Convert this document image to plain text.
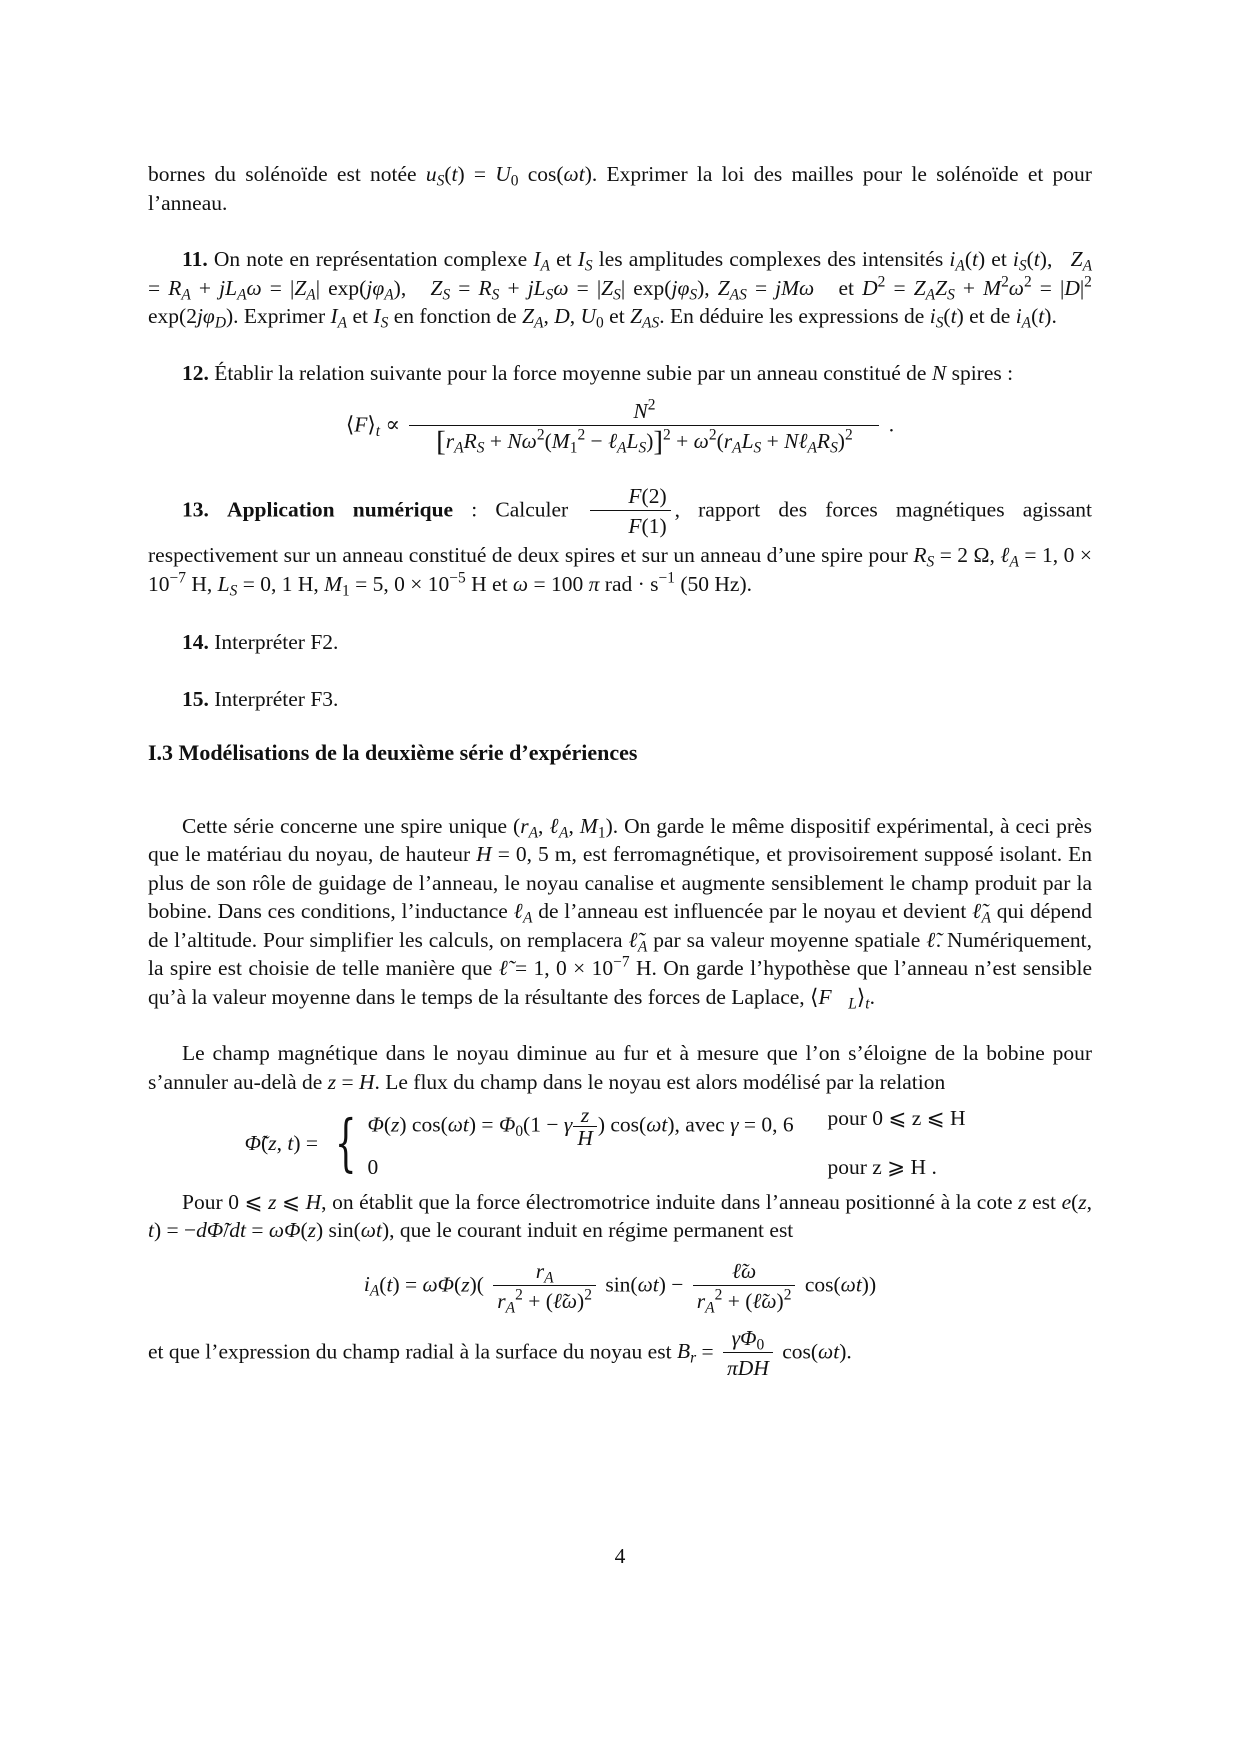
bornes du solénoïde est notée $u_S(t) = U_0$ cos(ωt). Exprimer la loi des mailles pour le solénoïde et pour l’anneau.

11. On note en représentation complexe $I_A$ et $I_S$ les amplitudes complexes des intensités $i_A(t)$ et $i_S(t)$,   $Z_A = R_A + jL_A\omega = |Z_A|$ $\exp(j\varphi_A)$,   $Z_S = R_S + jL_S\omega = |Z_S|$ $\exp(j\varphi_S)$, $Z_{AS} = jM\omega$   et $D^2 = Z_AZ_S + M^2\omega^2 = |D|^2$ $\exp(2j\varphi_D)$. Exprimer $I_A$ et $I_S$ en fonction de $Z_A$, D, $U_0$ et $Z_{AS}$. En déduire les expressions de $i_S(t)$ et de $i_A(t)$.

12. Établir la relation suivante pour la force moyenne subie par un anneau constitué de N spires :

$⟨F⟩_t \propto \frac{N^2}{[r_AR_S + N\omega^2(M_1^2 - \ell_AL_S)]^2 + \omega^2(r_AL_S + N\ell_AR_S)^2}$ .

13. Application numérique : Calculer $\frac{F(2)}{F(1)}$ , rapport des forces magnétiques agissant respectivement sur un anneau constitué de deux spires et sur un anneau d’une spire pour $R_S = 2$ Ω, ℓ$_A$ = 1, $0 \times 10^{-7}$ H, $L_S = 0$, 1 H, $M_1 = 5$, $0 \times 10^{-5}$ H et ω = 100 π rad · $s^{-1}$ (50 Hz).

14. Interpréter F2.

15. Interpréter F3.

I.3 Modélisations de la deuxième série d’expériences

Cette série concerne une spire unique ($r_A$, ℓ$_A$, $M_1$). On garde le même dispositif expérimental, à ceci près que le matériau du noyau, de hauteur H = 0, 5 m, est ferromagnétique, et provisoirement supposé isolant. En plus de son rôle de guidage de l’anneau, le noyau canalise et augmente sensiblement le champ produit par la bobine. Dans ces conditions, l’inductance ℓ$_A$ de l’anneau est influencée par le noyau et devient $\ell̃_A$ qui dépend de l’altitude. Pour simplifier les calculs, on remplacera $\ell̃_A$ par sa valeur moyenne spatiale ℓ̃. Numériquement, la spire est choisie de telle manière que ℓ̃ = 1, $0 \times 10^{-7}$ H. On garde l’hypothèse que l’anneau n’est sensible qu’à la valeur moyenne dans le temps de la résultante des forces de Laplace, $⟨F⃗_L⟩_t$.

Le champ magnétique dans le noyau diminue au fur et à mesure que l’on s’éloigne de la bobine pour s’annuler au-delà de z = H. Le flux du champ dans le noyau est alors modélisé par la relation

Φ̃(z, t) = { Φ(z) $\cos(\omega t) = \Phi_0(1 - \gamma \frac{z}{H}$ ) cos(ωt), avec γ = 0, 6	pour 0 ⩽ z ⩽ H
0	pour z ⩾ H .

Pour 0 ⩽ z ⩽ H, on établit que la force électromotrice induite dans l’anneau positionné à la cote z est e(z, t) = −dΦ̃/dt = ωΦ(z) sin(ωt), que le courant induit en régime permanent est

$i_A(t) = \omega\Phi(z)( \frac{r_A}{r_A^2 + (\ell̃\omega)^2} \sin(\omega t) - \frac{\text{ℓ̃ω}}{r_A^2 + (\ell̃\omega)^2} \cos(\omega t))$

et que l’expression du champ radial à la surface du noyau est $B_r = \frac{\gamma\Phi_0}{\text{πDH}} \cos(\omega t)$.

4
